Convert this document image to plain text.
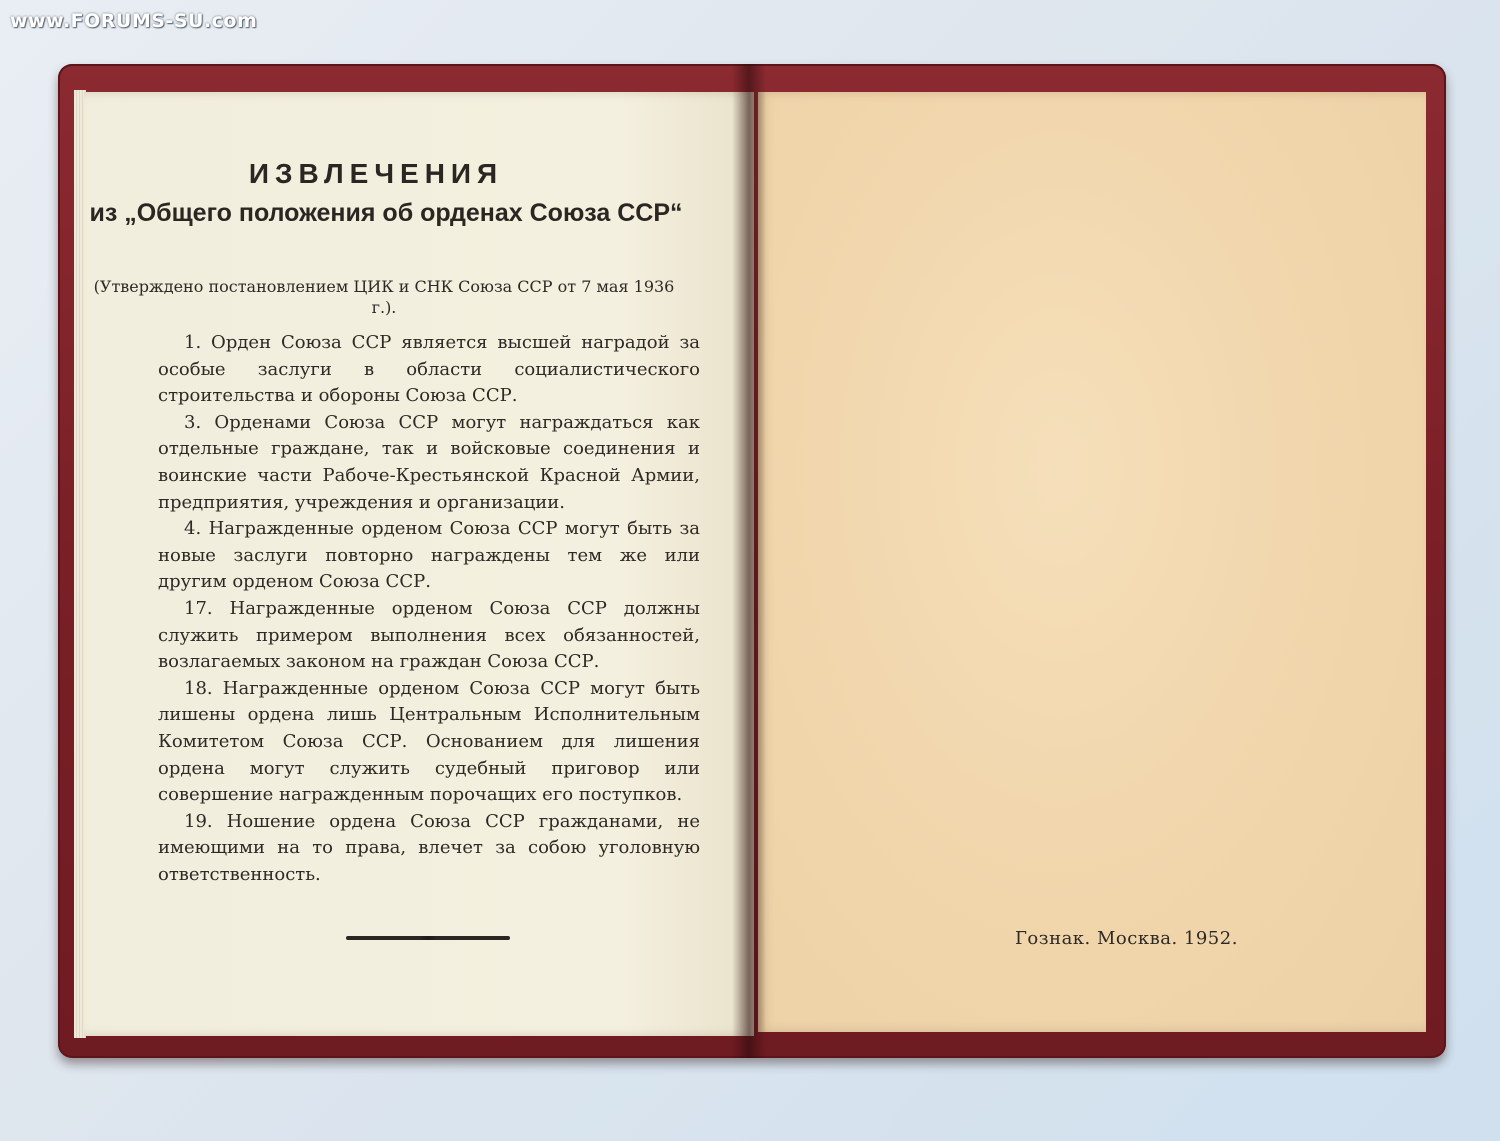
www.FORUMS-SU.com
ИЗВЛЕЧЕНИЯ
из „Общего положения об орденах Союза ССР“
(Утверждено постановлением ЦИК и СНК Союза ССР от 7 мая 1936 г.).

1. Орден Союза ССР является высшей наградой за особые заслуги в области социалистического строительства и обороны Союза ССР.

3. Орденами Союза ССР могут награждаться как отдельные граждане, так и войсковые соединения и воинские части Рабоче-Крестьянской Красной Армии, предприятия, учреждения и организации.

4. Награжденные орденом Союза ССР могут быть за новые заслуги повторно награждены тем же или другим орденом Союза ССР.

17. Награжденные орденом Союза ССР должны служить примером выполнения всех обязанностей, возлагаемых законом на граждан Союза ССР.

18. Награжденные орденом Союза ССР могут быть лишены ордена лишь Центральным Исполнительным Комитетом Союза ССР. Основанием для лишения ордена могут служить судебный приговор или совершение награжденным порочащих его поступков.

19. Ношение ордена Союза ССР гражданами, не имеющими на то права, влечет за собою уголовную ответственность.

Гознак. Москва. 1952.
